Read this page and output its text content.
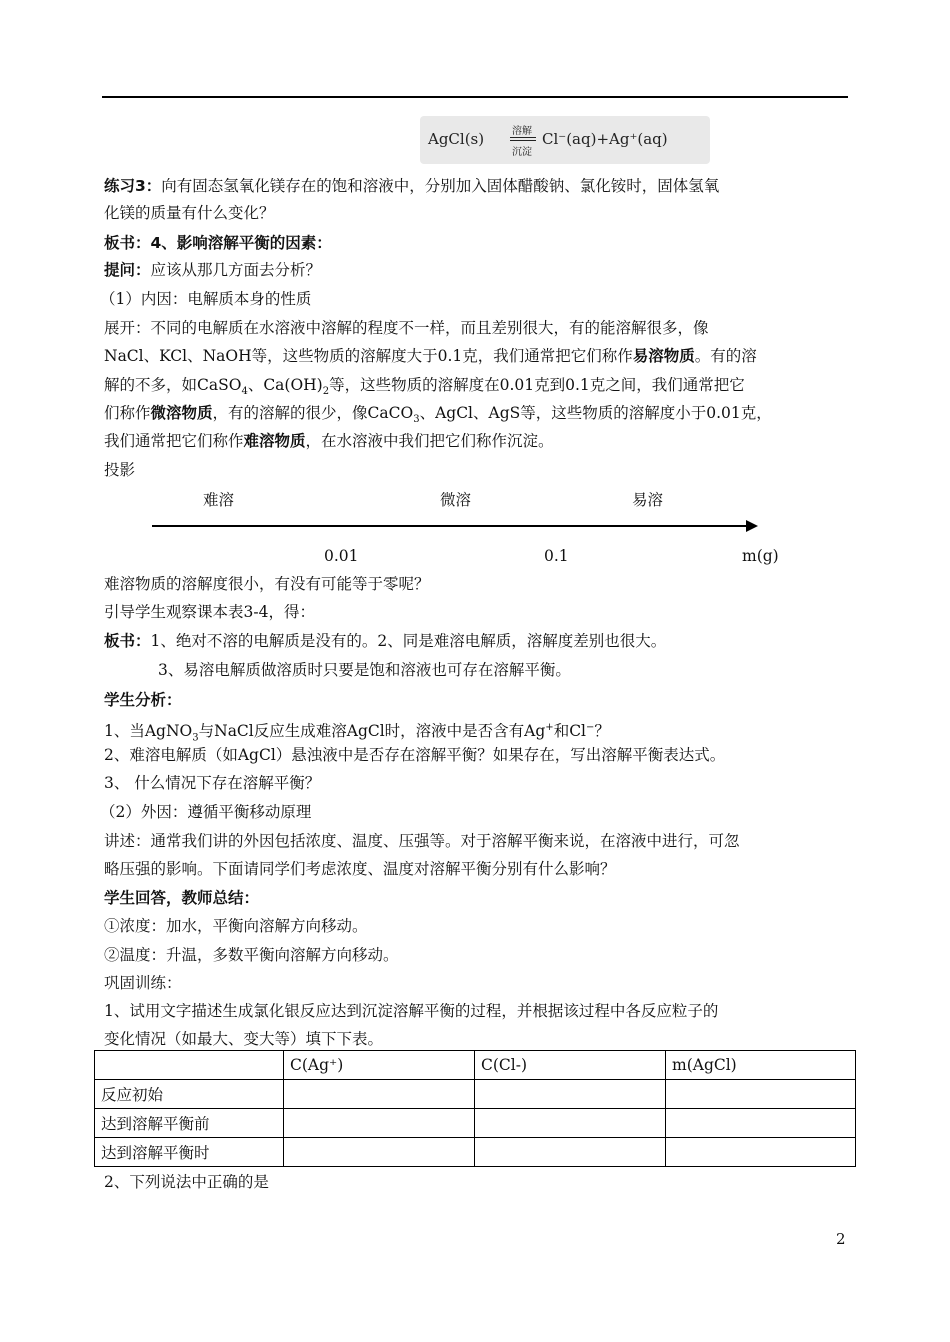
AgCl(s)	溶解
沉淀
Cl⁻(aq)+Ag⁺(aq)
练习3：向有固态氢氧化镁存在的饱和溶液中，分别加入固体醋酸钠、氯化铵时，固体氢氧
化镁的质量有什么变化？
板书：4、影响溶解平衡的因素：
提问：应该从那几方面去分析？
（1）内因：电解质本身的性质
展开：不同的电解质在水溶液中溶解的程度不一样，而且差别很大，有的能溶解很多，像
NaCl、KCl、NaOH等，这些物质的溶解度大于0.1克，我们通常把它们称作易溶物质。有的溶
解的不多，如CaSO$_4$、$Ca(OH)_2$等，这些物质的溶解度在0.01克到0.1克之间，我们通常把它
们称作微溶物质，有的溶解的很少，像CaCO$_3$、AgCl、AgS等，这些物质的溶解度小于0.01克，
我们通常把它们称作难溶物质，在水溶液中我们把它们称作沉淀。
投影
难溶	微溶	易溶
0.01	0.1	m(g)
难溶物质的溶解度很小，有没有可能等于零呢？
引导学生观察课本表3-4，得：
板书：1、绝对不溶的电解质是没有的。2、同是难溶电解质，溶解度差别也很大。
3、易溶电解质做溶质时只要是饱和溶液也可存在溶解平衡。
学生分析：
1、当AgNO$_3$与NaCl反应生成难溶AgCl时，溶液中是否含有Ag+和Cl−？
2、难溶电解质（如AgCl）悬浊液中是否存在溶解平衡？如果存在，写出溶解平衡表达式。
3、 什么情况下存在溶解平衡？
（2）外因：遵循平衡移动原理
讲述：通常我们讲的外因包括浓度、温度、压强等。对于溶解平衡来说，在溶液中进行，可忽
略压强的影响。下面请同学们考虑浓度、温度对溶解平衡分别有什么影响？
学生回答，教师总结：
①浓度：加水，平衡向溶解方向移动。
②温度：升温，多数平衡向溶解方向移动。
巩固训练：
1、试用文字描述生成氯化银反应达到沉淀溶解平衡的过程，并根据该过程中各反应粒子的
变化情况（如最大、变大等）填下下表。
	C(Ag⁺)	C(Cl-)	m(AgCl)
反应初始			
达到溶解平衡前			
达到溶解平衡时			
2、下列说法中正确的是
2
